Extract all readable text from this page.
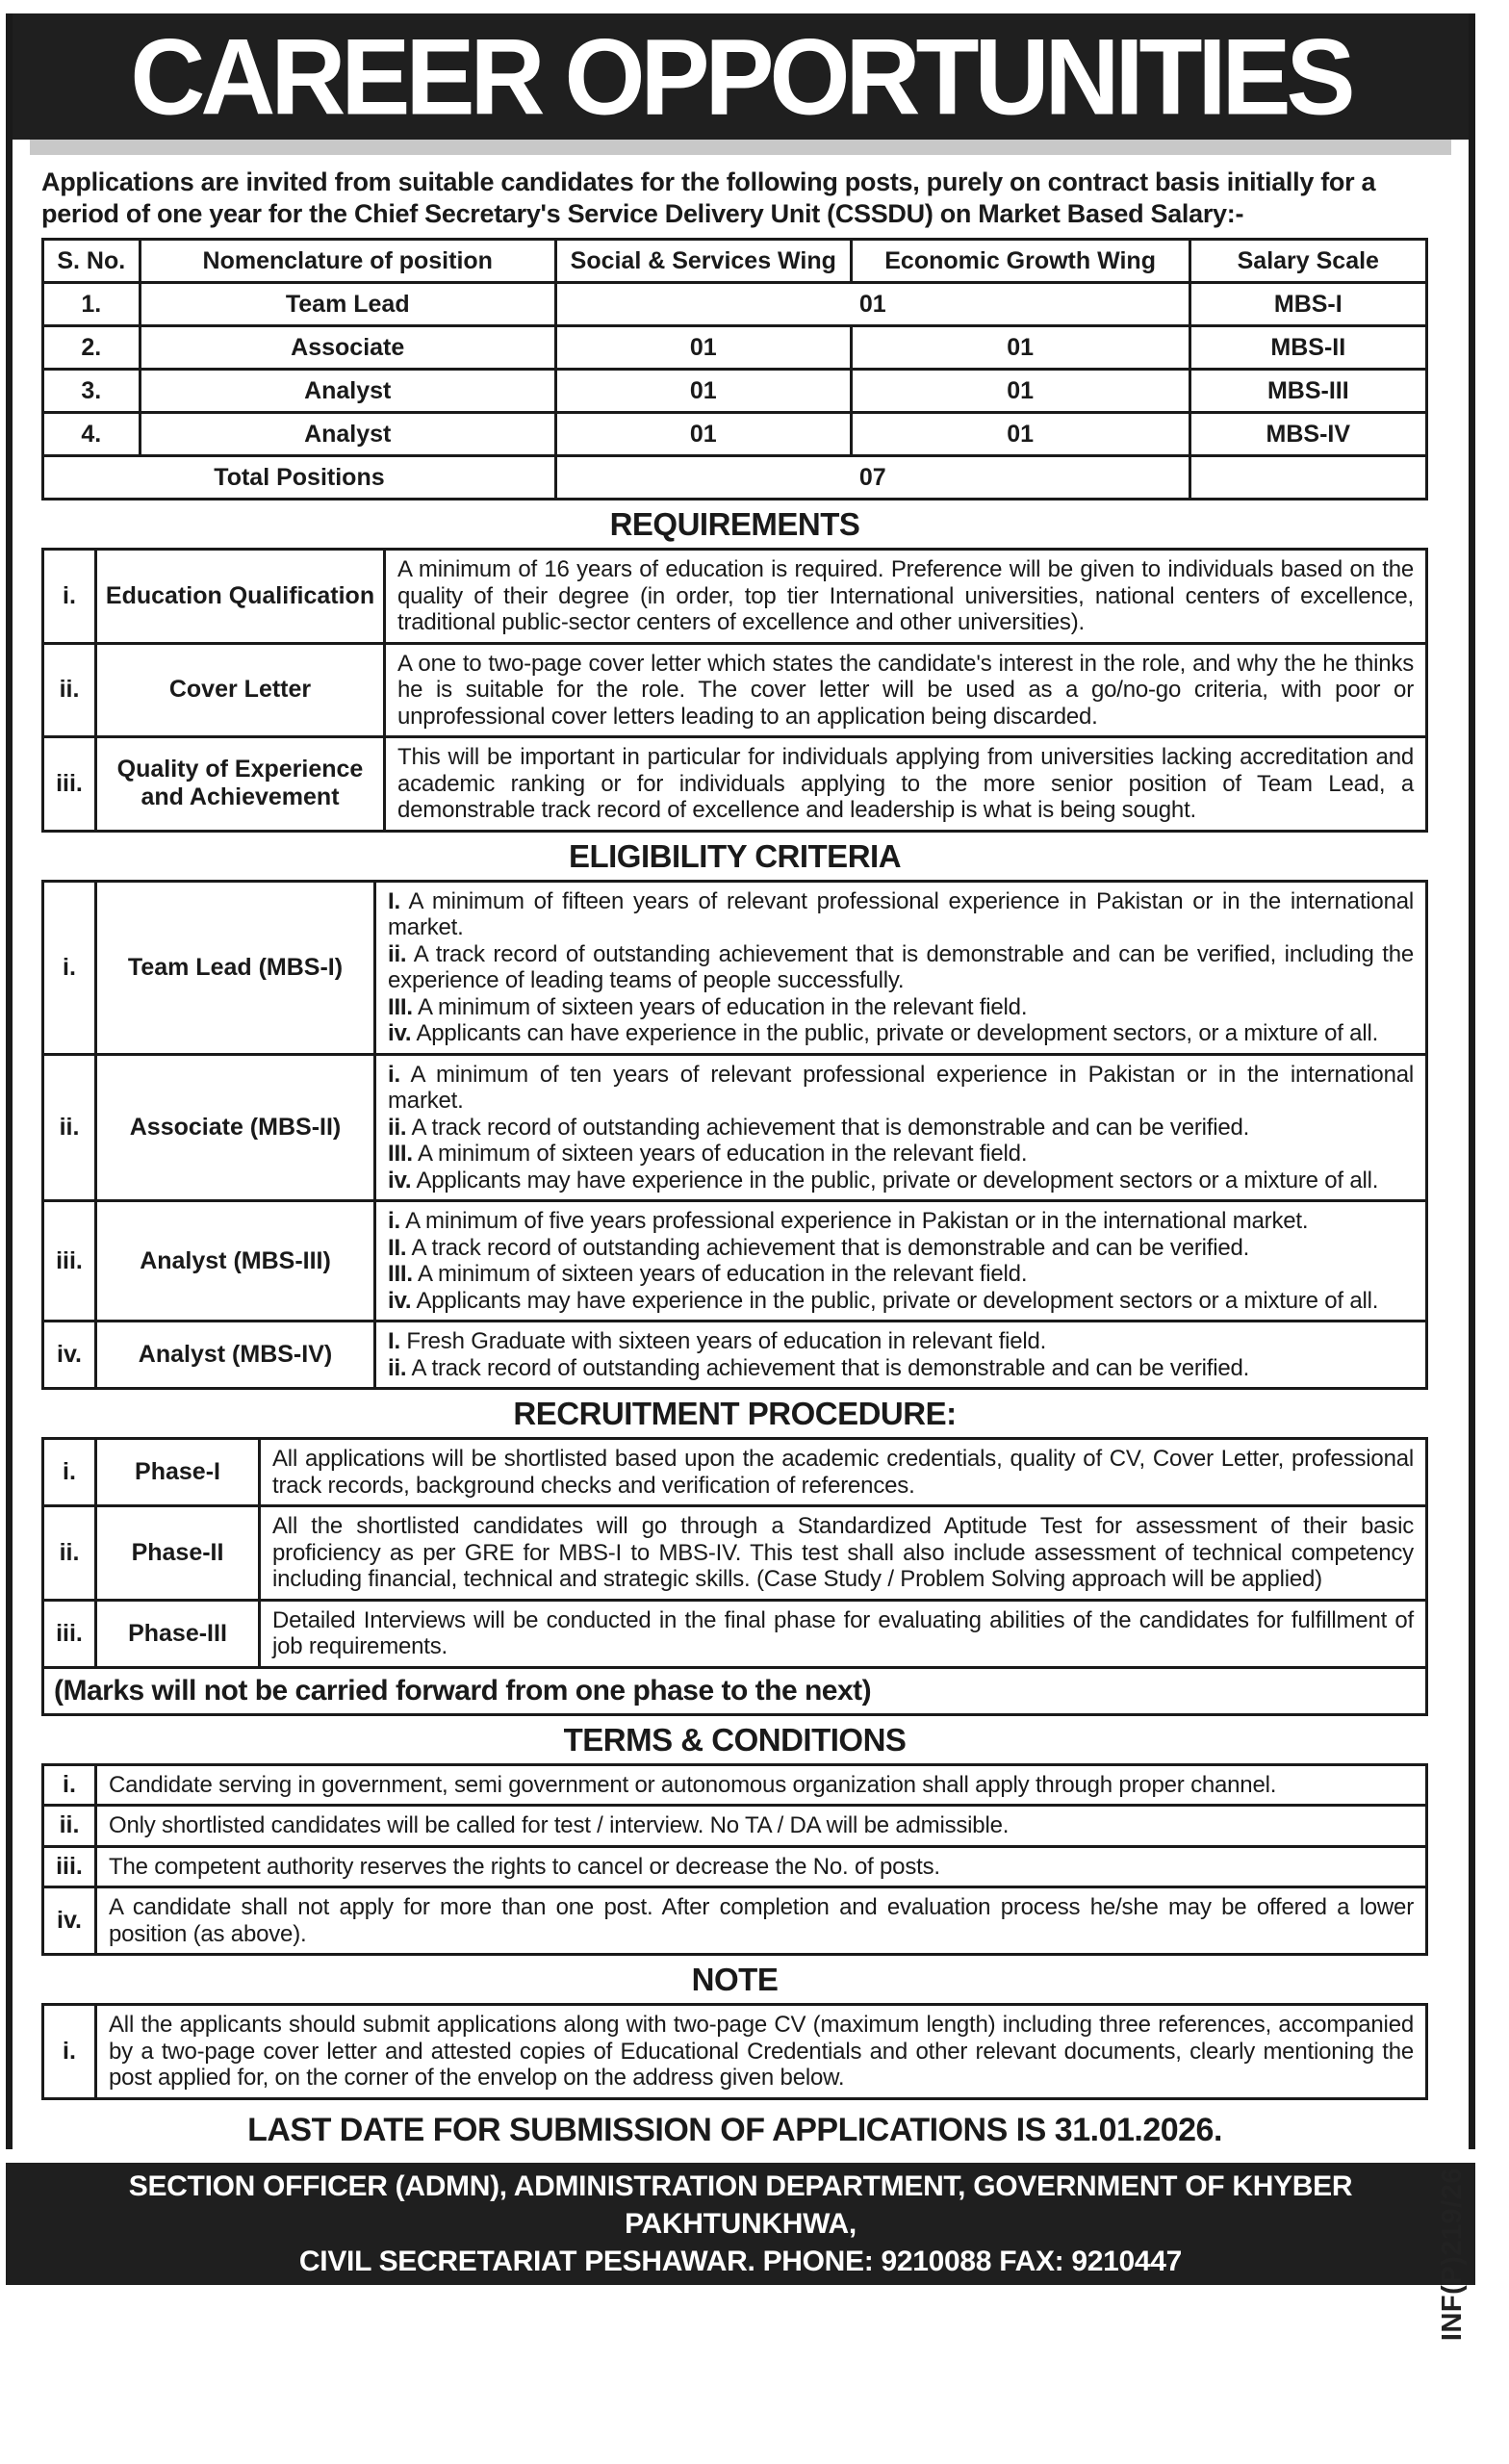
CAREER OPPORTUNITIES

Applications are invited from suitable candidates for the following posts, purely on contract basis initially for a period of one year for the Chief Secretary's Service Delivery Unit (CSSDU) on Market Based Salary:-

S. No.	Nomenclature of position	Social & Services Wing	Economic Growth Wing	Salary Scale
1.	Team Lead	01		MBS-I
2.	Associate	01	01	MBS-II
3.	Analyst	01	01	MBS-III
4.	Analyst	01	01	MBS-IV
Total Positions		07		
REQUIREMENTS
i.	Education Qualification	A minimum of 16 years of education is required. Preference will be given to individuals based on the quality of their degree (in order, top tier International universities, national centers of excellence, traditional public-sector centers of excellence and other universities).
ii.	Cover Letter	A one to two-page cover letter which states the candidate's interest in the role, and why the he thinks he is suitable for the role. The cover letter will be used as a go/no-go criteria, with poor or unprofessional cover letters leading to an application being discarded.
iii.	Quality of Experience and Achievement	This will be important in particular for individuals applying from universities lacking accreditation and academic ranking or for individuals applying to the more senior position of Team Lead, a demonstrable track record of excellence and leadership is what is being sought.
ELIGIBILITY CRITERIA
i.	Team Lead (MBS-I)	I. A minimum of fifteen years of relevant professional experience in Pakistan or in the international market.
ii. A track record of outstanding achievement that is demonstrable and can be verified, including the experience of leading teams of people successfully.
III. A minimum of sixteen years of education in the relevant field.
iv. Applicants can have experience in the public, private or development sectors, or a mixture of all.

ii.	Associate (MBS-II)	i. A minimum of ten years of relevant professional experience in Pakistan or in the international market.
ii. A track record of outstanding achievement that is demonstrable and can be verified.
III. A minimum of sixteen years of education in the relevant field.
iv. Applicants may have experience in the public, private or development sectors or a mixture of all.

iii.	Analyst (MBS-III)	i. A minimum of five years professional experience in Pakistan or in the international market.
II. A track record of outstanding achievement that is demonstrable and can be verified.
III. A minimum of sixteen years of education in the relevant field.
iv. Applicants may have experience in the public, private or development sectors or a mixture of all.

iv.	Analyst (MBS-IV)	I. Fresh Graduate with sixteen years of education in relevant field.
ii. A track record of outstanding achievement that is demonstrable and can be verified.
RECRUITMENT PROCEDURE:
i.	Phase-I	All applications will be shortlisted based upon the academic credentials, quality of CV, Cover Letter, professional track records, background checks and verification of references.
ii.	Phase-II	All the shortlisted candidates will go through a Standardized Aptitude Test for assessment of their basic proficiency as per GRE for MBS-I to MBS-IV. This test shall also include assessment of technical competency including financial, technical and strategic skills. (Case Study / Problem Solving approach will be applied)
iii.	Phase-III	Detailed Interviews will be conducted in the final phase for evaluating abilities of the candidates for fulfillment of job requirements.
(Marks will not be carried forward from one phase to the next)		
TERMS & CONDITIONS
i.	Candidate serving in government, semi government or autonomous organization shall apply through proper channel.
ii.	Only shortlisted candidates will be called for test / interview. No TA / DA will be admissible.
iii.	The competent authority reserves the rights to cancel or decrease the No. of posts.
iv.	A candidate shall not apply for more than one post. After completion and evaluation process he/she may be offered a lower position (as above).
NOTE
i.	All the applicants should submit applications along with two-page CV (maximum length) including three references, accompanied by a two-page cover letter and attested copies of Educational Credentials and other relevant documents, clearly mentioning the post applied for, on the corner of the envelop on the address given below.

LAST DATE FOR SUBMISSION OF APPLICATIONS IS 31.01.2026.

SECTION OFFICER (ADMN), ADMINISTRATION DEPARTMENT, GOVERNMENT OF KHYBER PAKHTUNKHWA,
CIVIL SECRETARIAT PESHAWAR. PHONE: 9210088 FAX: 9210447	INF(P)219/26
